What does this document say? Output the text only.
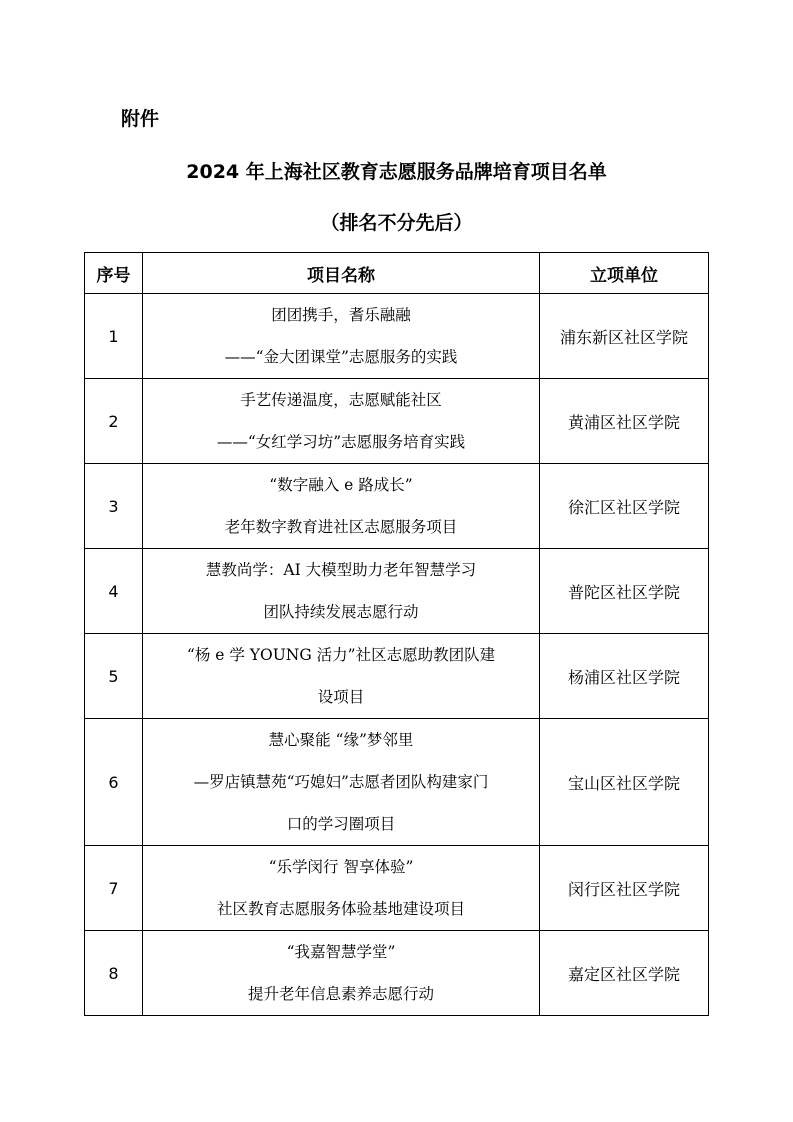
附件
2024 年上海社区教育志愿服务品牌培育项目名单
（排名不分先后）
序号	项目名称	立项单位
1	团团携手，耆乐融融
——“金大团课堂”志愿服务的实践	浦东新区社区学院
2	手艺传递温度，志愿赋能社区
——“女红学习坊”志愿服务培育实践	黄浦区社区学院
3	“数字融入 e 路成长”
老年数字教育进社区志愿服务项目	徐汇区社区学院
4	慧教尚学：AI 大模型助力老年智慧学习
团队持续发展志愿行动	普陀区社区学院
5	“杨 e 学 YOUNG 活力”社区志愿助教团队建
设项目	杨浦区社区学院
6	慧心聚能 “缘”梦邻里
—罗店镇慧苑“巧媳妇”志愿者团队构建家门
口的学习圈项目	宝山区社区学院
7	“乐学闵行 智享体验”
社区教育志愿服务体验基地建设项目	闵行区社区学院
8	“我嘉智慧学堂”
提升老年信息素养志愿行动	嘉定区社区学院
